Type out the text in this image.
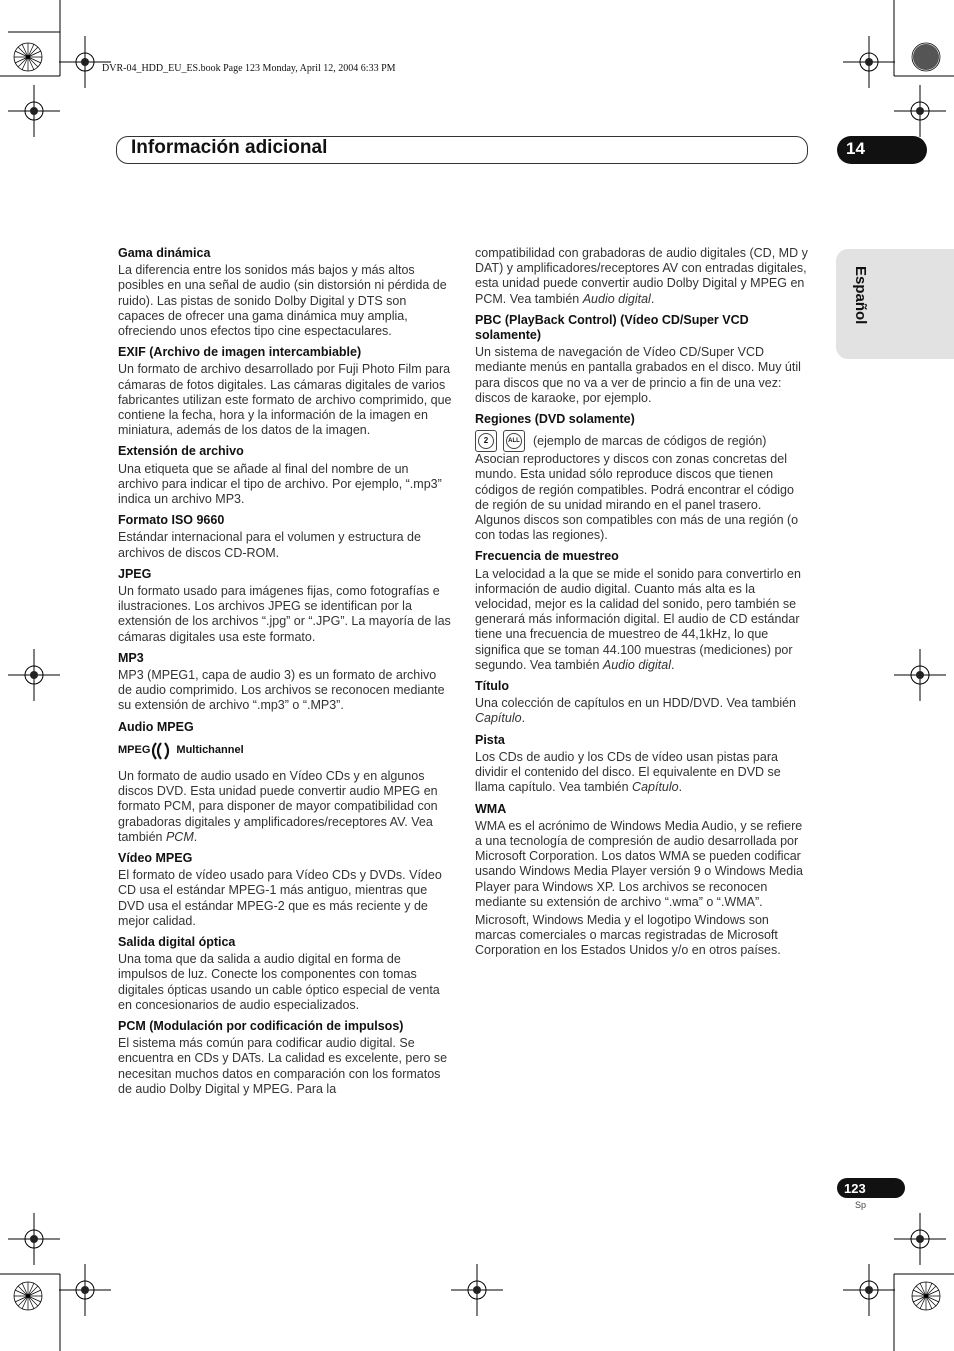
DVR-04_HDD_EU_ES.book Page 123 Monday, April 12, 2004 6:33 PM
Información adicional	14
Español
Gama dinámica

La diferencia entre los sonidos más bajos y más altos posibles en una señal de audio (sin distorsión ni pérdida de ruido). Las pistas de sonido Dolby Digital y DTS son capaces de ofrecer una gama dinámica muy amplia, ofreciendo unos efectos tipo cine espectaculares.

EXIF (Archivo de imagen intercambiable)

Un formato de archivo desarrollado por Fuji Photo Film para cámaras de fotos digitales. Las cámaras digitales de varios fabricantes utilizan este formato de archivo comprimido, que contiene la fecha, hora y la información de la imagen en miniatura, además de los datos de la imagen.

Extensión de archivo

Una etiqueta que se añade al final del nombre de un archivo para indicar el tipo de archivo. Por ejemplo, “.mp3” indica un archivo MP3.

Formato ISO 9660

Estándar internacional para el volumen y estructura de archivos de discos CD-ROM.

JPEG

Un formato usado para imágenes fijas, como fotografías e ilustraciones. Los archivos JPEG se identifican por la extensión de los archivos “.jpg” or “.JPG”. La mayoría de las cámaras digitales usa este formato.

MP3

MP3 (MPEG1, capa de audio 3) es un formato de archivo de audio comprimido. Los archivos se reconocen mediante su extensión de archivo “.mp3” o “.MP3”.

Audio MPEG
MPEG Multichannel

Un formato de audio usado en Vídeo CDs y en algunos discos DVD. Esta unidad puede convertir audio MPEG en formato PCM, para disponer de mayor compatibilidad con grabadoras digitales y amplificadores/receptores AV. Vea también PCM.

Vídeo MPEG

El formato de vídeo usado para Vídeo CDs y DVDs. Vídeo CD usa el estándar MPEG-1 más antiguo, mientras que DVD usa el estándar MPEG-2 que es más reciente y de mejor calidad.

Salida digital óptica

Una toma que da salida a audio digital en forma de impulsos de luz. Conecte los componentes con tomas digitales ópticas usando un cable óptico especial de venta en concesionarios de audio especializados.

PCM (Modulación por codificación de impulsos)

El sistema más común para codificar audio digital. Se encuentra en CDs y DATs. La calidad es excelente, pero se necesitan muchos datos en comparación con los formatos de audio Dolby Digital y MPEG. Para la

compatibilidad con grabadoras de audio digitales (CD, MD y DAT) y amplificadores/receptores AV con entradas digitales, esta unidad puede convertir audio Dolby Digital y MPEG en PCM. Vea también Audio digital.

PBC (PlayBack Control) (Vídeo CD/Super VCD solamente)

Un sistema de navegación de Vídeo CD/Super VCD mediante menús en pantalla grabados en el disco. Muy útil para discos que no va a ver de princio a fin de una vez: discos de karaoke, por ejemplo.

Regiones (DVD solamente)
2	ALL (ejemplo de marcas de códigos de región)

Asocian reproductores y discos con zonas concretas del mundo. Esta unidad sólo reproduce discos que tienen códigos de región compatibles. Podrá encontrar el código de región de su unidad mirando en el panel trasero. Algunos discos son compatibles con más de una región (o con todas las regiones).

Frecuencia de muestreo

La velocidad a la que se mide el sonido para convertirlo en información de audio digital. Cuanto más alta es la velocidad, mejor es la calidad del sonido, pero también se generará más información digital. El audio de CD estándar tiene una frecuencia de muestreo de 44,1kHz, lo que significa que se toman 44.100 muestras (mediciones) por segundo. Vea también Audio digital.

Título

Una colección de capítulos en un HDD/DVD. Vea también Capítulo.

Pista

Los CDs de audio y los CDs de vídeo usan pistas para dividir el contenido del disco. El equivalente en DVD se llama capítulo. Vea también Capítulo.

WMA

WMA es el acrónimo de Windows Media Audio, y se refiere a una tecnología de compresión de audio desarrollada por Microsoft Corporation. Los datos WMA se pueden codificar usando Windows Media Player versión 9 o Windows Media Player para Windows XP. Los archivos se reconocen mediante su extensión de archivo “.wma” o “.WMA”.

Microsoft, Windows Media y el logotipo Windows son marcas comerciales o marcas registradas de Microsoft Corporation en los Estados Unidos y/o en otros países.

123
Sp
